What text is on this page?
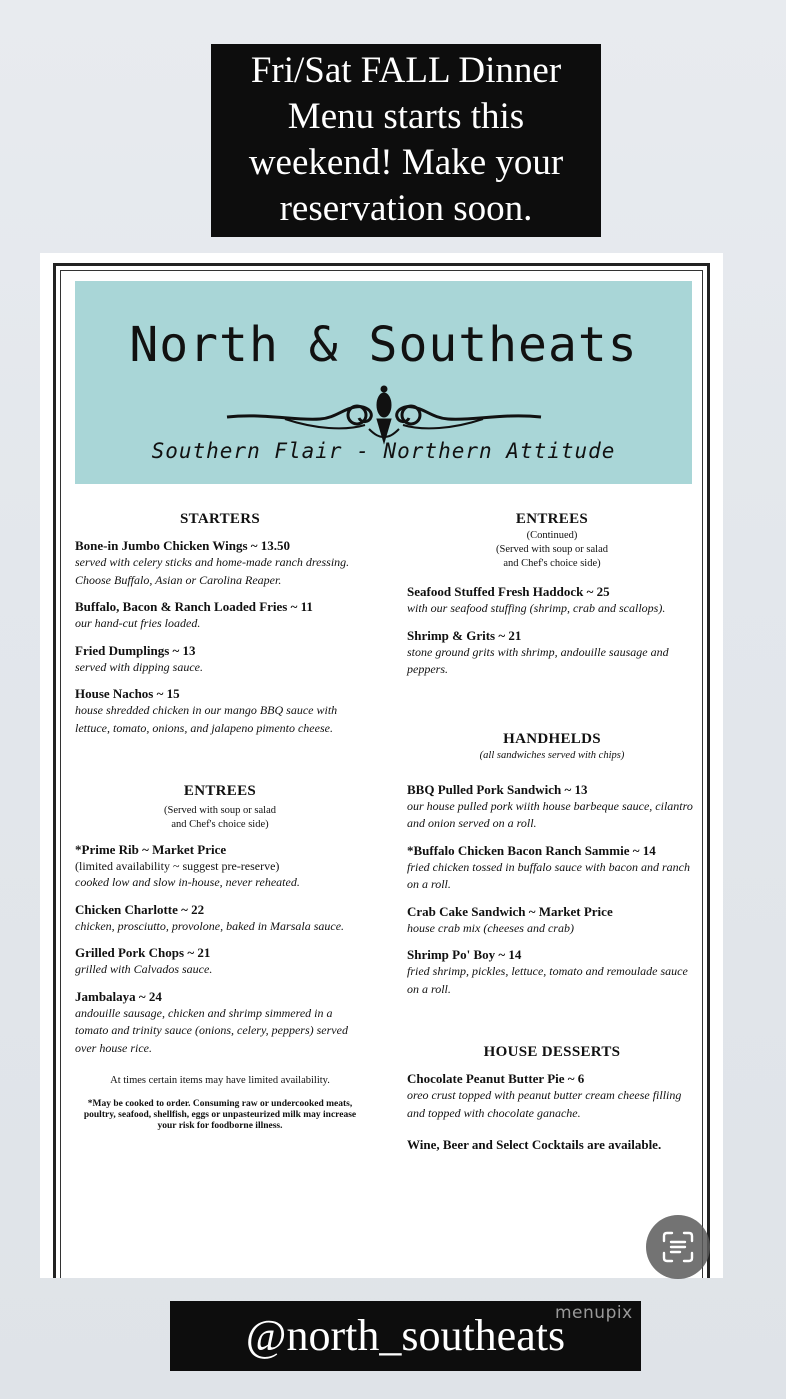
Fri/Sat FALL Dinner
Menu starts this
weekend! Make your
reservation soon.
North & Southeats
Southern Flair - Northern Attitude
STARTERS
Bone-in Jumbo Chicken Wings ~ 13.50
served with celery sticks and home-made ranch dressing. Choose Buffalo, Asian or Carolina Reaper.
Buffalo, Bacon & Ranch Loaded Fries ~ 11
our hand-cut fries loaded.
Fried Dumplings ~ 13
served with dipping sauce.
House Nachos ~ 15
house shredded chicken in our mango BBQ sauce with lettuce, tomato, onions, and jalapeno pimento cheese.
ENTREES
(Served with soup or salad
and Chef's choice side)
*Prime Rib ~ Market Price
(limited availability ~ suggest pre-reserve)
cooked low and slow in-house, never reheated.
Chicken Charlotte ~ 22
chicken, prosciutto, provolone, baked in Marsala sauce.
Grilled Pork Chops ~ 21
grilled with Calvados sauce.
Jambalaya ~ 24
andouille sausage, chicken and shrimp simmered in a tomato and trinity sauce (onions, celery, peppers) served over house rice.
At times certain items may have limited availability.
*May be cooked to order. Consuming raw or undercooked meats, poultry, seafood, shellfish, eggs or unpasteurized milk may increase your risk for foodborne illness.
ENTREES
(Continued)
(Served with soup or salad
and Chef's choice side)
Seafood Stuffed Fresh Haddock ~ 25
with our seafood stuffing (shrimp, crab and scallops).
Shrimp & Grits ~ 21
stone ground grits with shrimp, andouille sausage and peppers.
HANDHELDS
(all sandwiches served with chips)
BBQ Pulled Pork Sandwich ~ 13
our house pulled pork wiith house barbeque sauce, cilantro and onion served on a roll.
*Buffalo Chicken Bacon Ranch Sammie ~ 14
fried chicken tossed in buffalo sauce with bacon and ranch on a roll.
Crab Cake Sandwich ~ Market Price
house crab mix (cheeses and crab)
Shrimp Po' Boy ~ 14
fried shrimp, pickles, lettuce, tomato and remoulade sauce on a roll.
HOUSE DESSERTS
Chocolate Peanut Butter Pie ~ 6
oreo crust topped with peanut butter cream cheese filling and topped with chocolate ganache.
Wine, Beer and Select Cocktails are available.
@north_southeats
menupix
